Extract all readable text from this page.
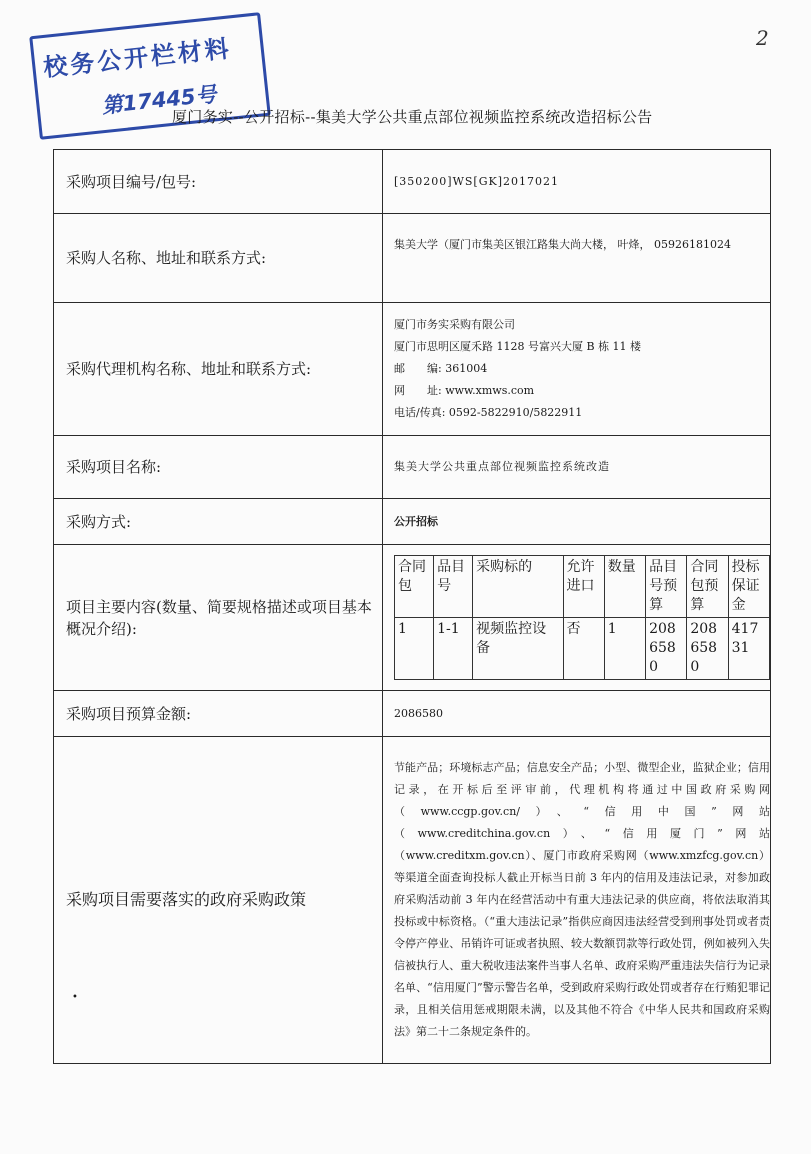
校务公开栏材料
第17445号
2
厦门务实--公开招标--集美大学公共重点部位视频监控系统改造招标公告
•
采购项目编号/包号:	[350200]WS[GK]2017021
采购人名称、地址和联系方式:	集美大学（厦门市集美区银江路集大尚大楼， 叶烽， 05926181024
采购代理机构名称、地址和联系方式:	
厦门市务实采购有限公司
厦门市思明区厦禾路 1128 号富兴大厦 B 栋 11 楼
邮　　编: 361004
网　　址: www.xmws.com
电话/传真: 0592-5822910/5822911

采购项目名称:	集美大学公共重点部位视频监控系统改造
采购方式:	公开招标
项目主要内容(数量、简要规格描述或项目基本概况介绍):	
合同包	品目号	采购标的	允许进口	数量	品目号预算	合同包预算	投标保证金
1	1-1	视频监控设备	否	1	2086580	2086580	41731

采购项目预算金额:	2086580
采购项目需要落实的政府采购政策	节能产品；环境标志产品；信息安全产品；小型、微型企业，监狱企业；信用记录，在开标后至评审前，代理机构将通过中国政府采购网（www.ccgp.gov.cn/）、“信用中国”网站（www.creditchina.gov.cn）、“信用厦门”网站（www.creditxm.gov.cn）、厦门市政府采购网（www.xmzfcg.gov.cn）等渠道全面查询投标人截止开标当日前 3 年内的信用及违法记录，对参加政府采购活动前 3 年内在经营活动中有重大违法记录的供应商，将依法取消其投标或中标资格。（“重大违法记录”指供应商因违法经营受到刑事处罚或者责令停产停业、吊销许可证或者执照、较大数额罚款等行政处罚，例如被列入失信被执行人、重大税收违法案件当事人名单、政府采购严重违法失信行为记录名单、“信用厦门”警示警告名单，受到政府采购行政处罚或者存在行贿犯罪记录，且相关信用惩戒期限未满，以及其他不符合《中华人民共和国政府采购法》第二十二条规定条件的。
